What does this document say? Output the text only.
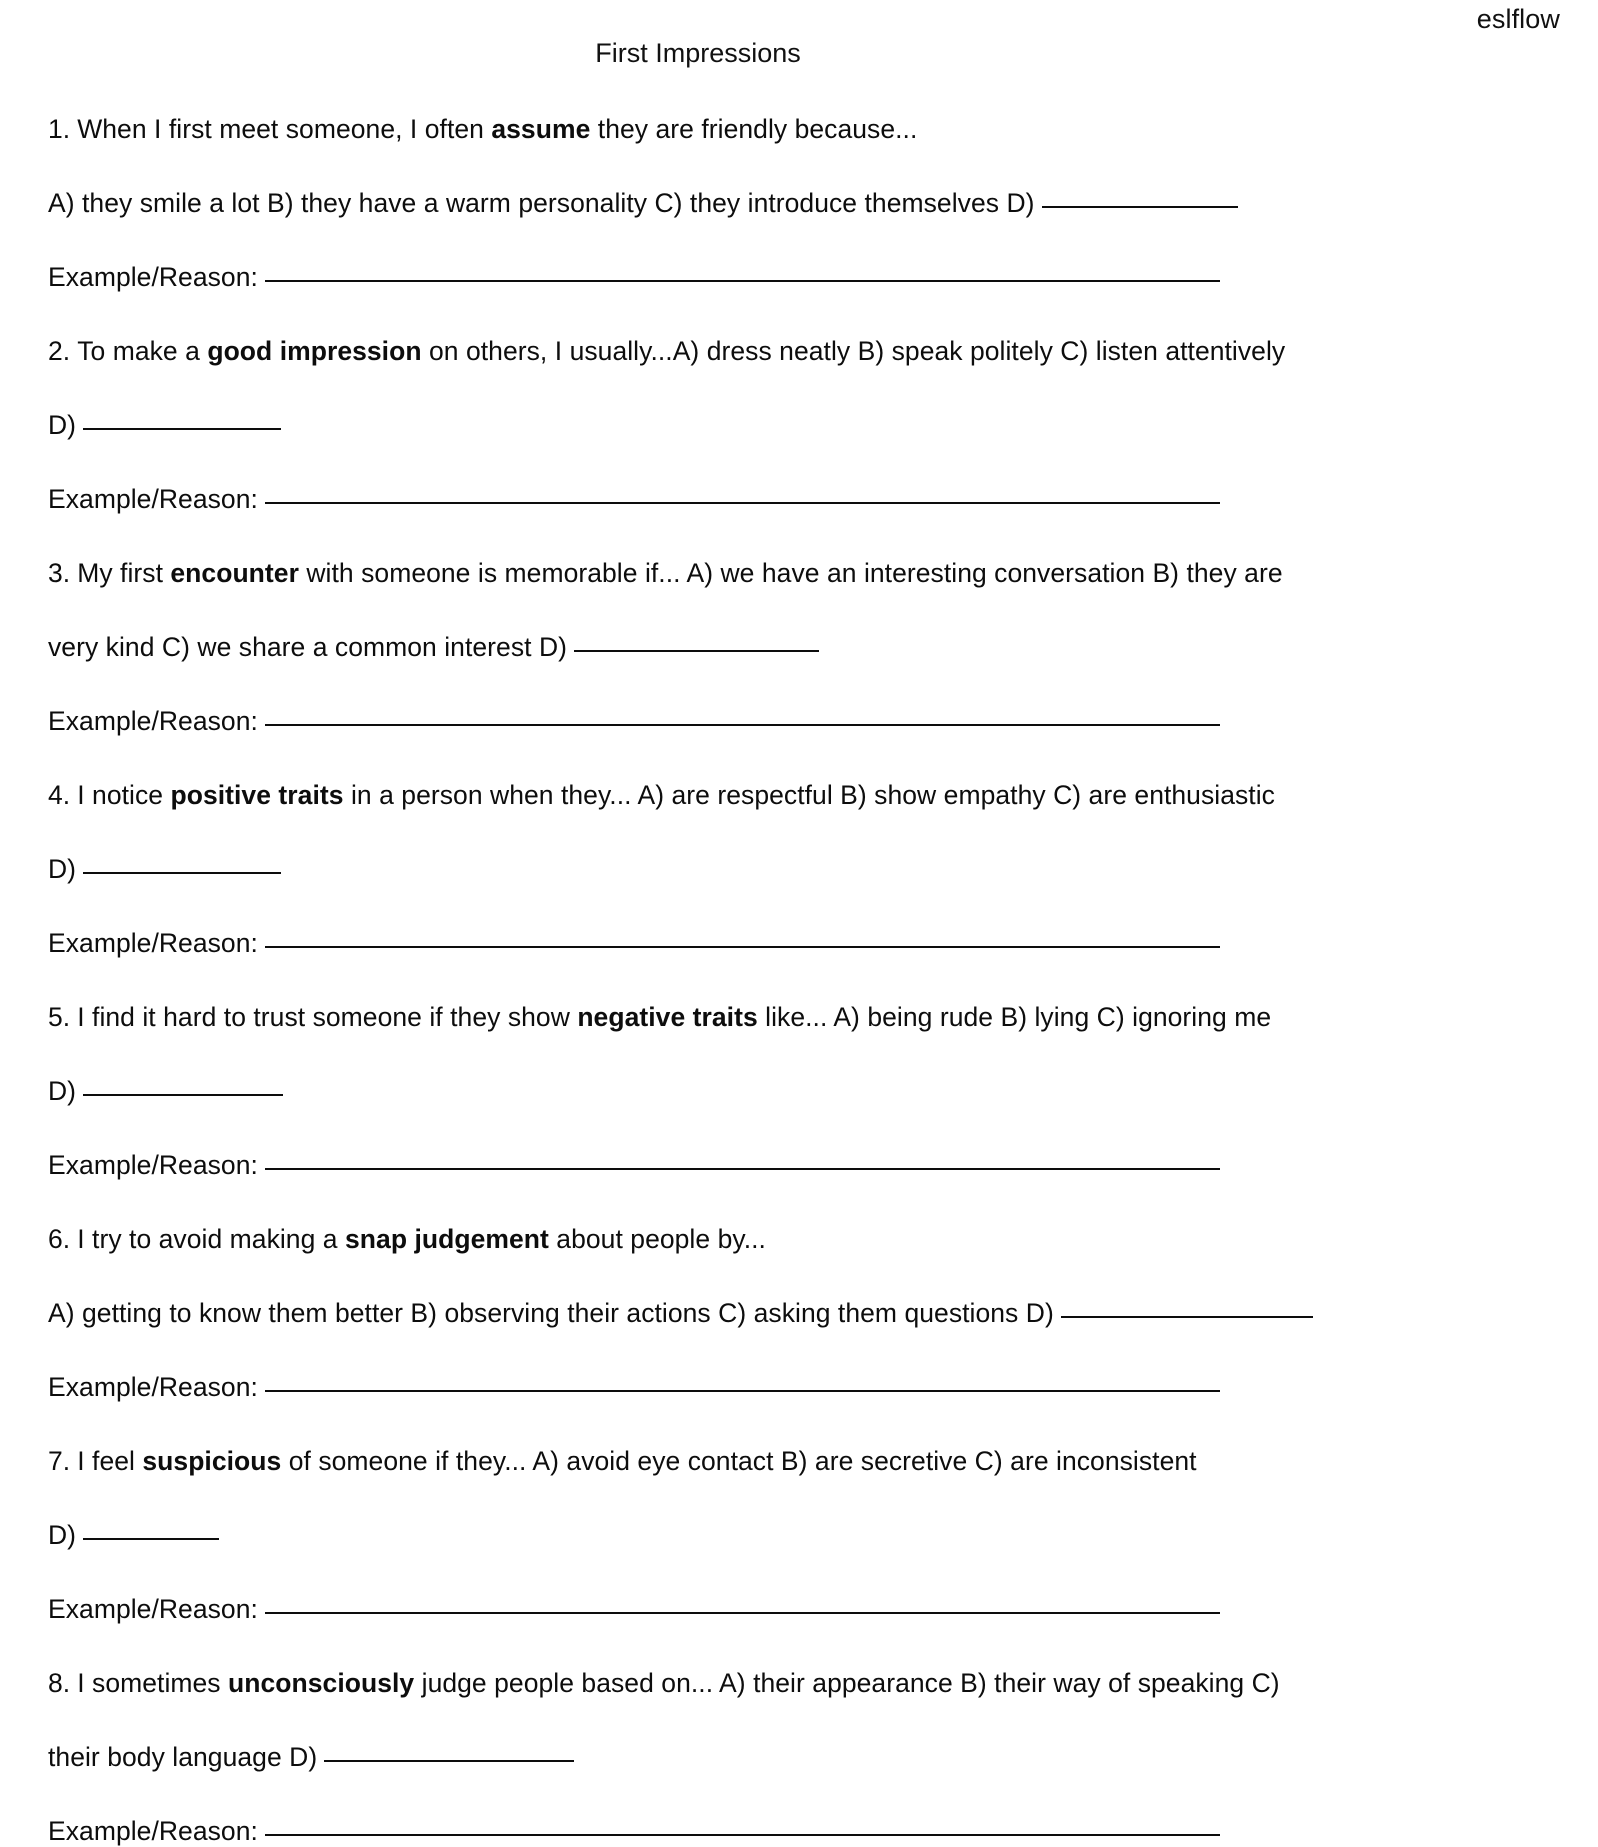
eslflow
First Impressions
1. When I first meet someone, I often assume they are friendly because...
A) they smile a lot B) they have a warm personality C) they introduce themselves D)
Example/Reason:
2. To make a good impression on others, I usually...A) dress neatly B) speak politely C) listen attentively
D)
Example/Reason:
3. My first encounter with someone is memorable if... A) we have an interesting conversation B) they are
very kind C) we share a common interest D)
Example/Reason:
4. I notice positive traits in a person when they... A) are respectful B) show empathy C) are enthusiastic
D)
Example/Reason:
5. I find it hard to trust someone if they show negative traits like... A) being rude B) lying C) ignoring me
D)
Example/Reason:
6. I try to avoid making a snap judgement about people by...
A) getting to know them better B) observing their actions C) asking them questions D)
Example/Reason:
7. I feel suspicious of someone if they... A) avoid eye contact B) are secretive C) are inconsistent
D)
Example/Reason:
8. I sometimes unconsciously judge people based on... A) their appearance B) their way of speaking C)
their body language D)
Example/Reason:
